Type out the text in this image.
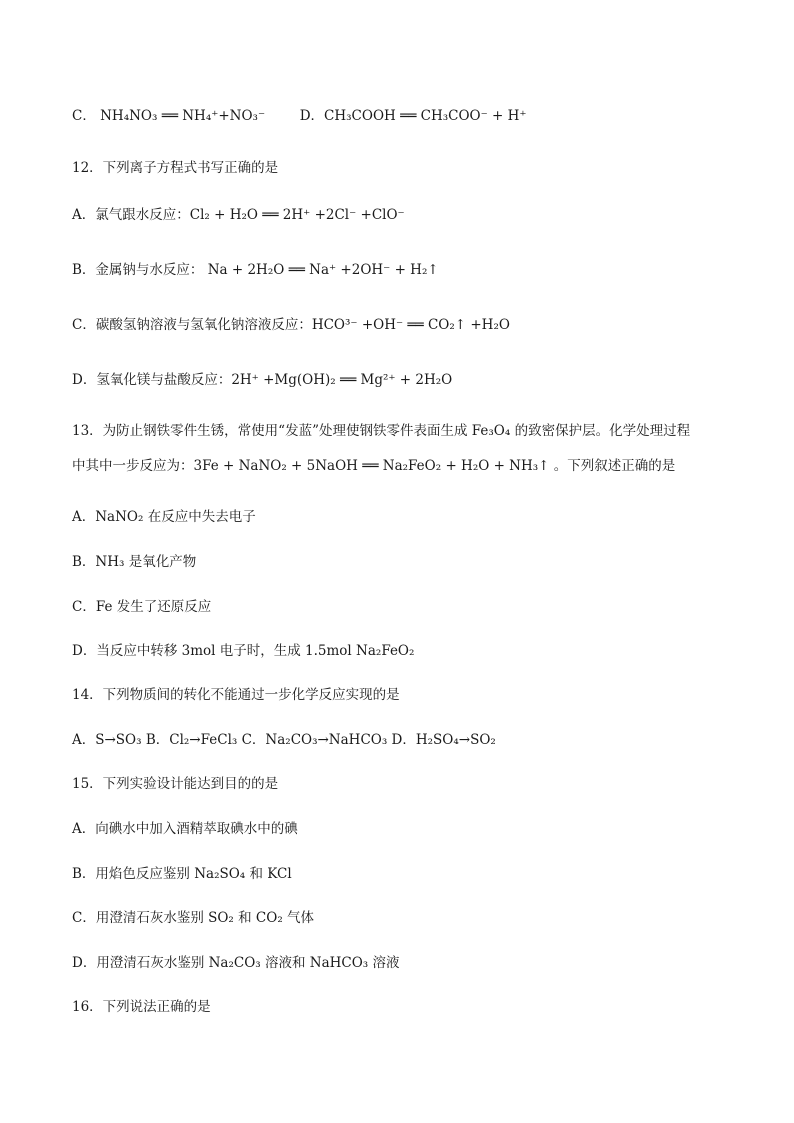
C． NH₄NO₃ ══ NH₄⁺+NO₃⁻	D．CH₃COOH ══ CH₃COO⁻ + H⁺
12．下列离子方程式书写正确的是
A．氯气跟水反应：Cl₂ + H₂O ══ 2H⁺ +2Cl⁻ +ClO⁻
B．金属钠与水反应： Na + 2H₂O ══ Na⁺ +2OH⁻ + H₂↑
C．碳酸氢钠溶液与氢氧化钠溶液反应：HCO³⁻ +OH⁻ ══ CO₂↑ +H₂O
D．氢氧化镁与盐酸反应：2H⁺ +Mg(OH)₂ ══ Mg²⁺ + 2H₂O
13．为防止钢铁零件生锈，常使用“发蓝”处理使钢铁零件表面生成 Fe₃O₄ 的致密保护层。化学处理过程
中其中一步反应为：3Fe + NaNO₂ + 5NaOH ══ Na₂FeO₂ + H₂O + NH₃↑ 。下列叙述正确的是
A．NaNO₂ 在反应中失去电子
B．NH₃ 是氧化产物
C．Fe 发生了还原反应
D．当反应中转移 3mol 电子时，生成 1.5mol Na₂FeO₂
14．下列物质间的转化不能通过一步化学反应实现的是
A．S→SO₃ B．Cl₂→FeCl₃ C．Na₂CO₃→NaHCO₃ D．H₂SO₄→SO₂
15．下列实验设计能达到目的的是
A．向碘水中加入酒精萃取碘水中的碘
B．用焰色反应鉴别 Na₂SO₄ 和 KCl
C．用澄清石灰水鉴别 SO₂ 和 CO₂ 气体
D．用澄清石灰水鉴别 Na₂CO₃ 溶液和 NaHCO₃ 溶液
16．下列说法正确的是
